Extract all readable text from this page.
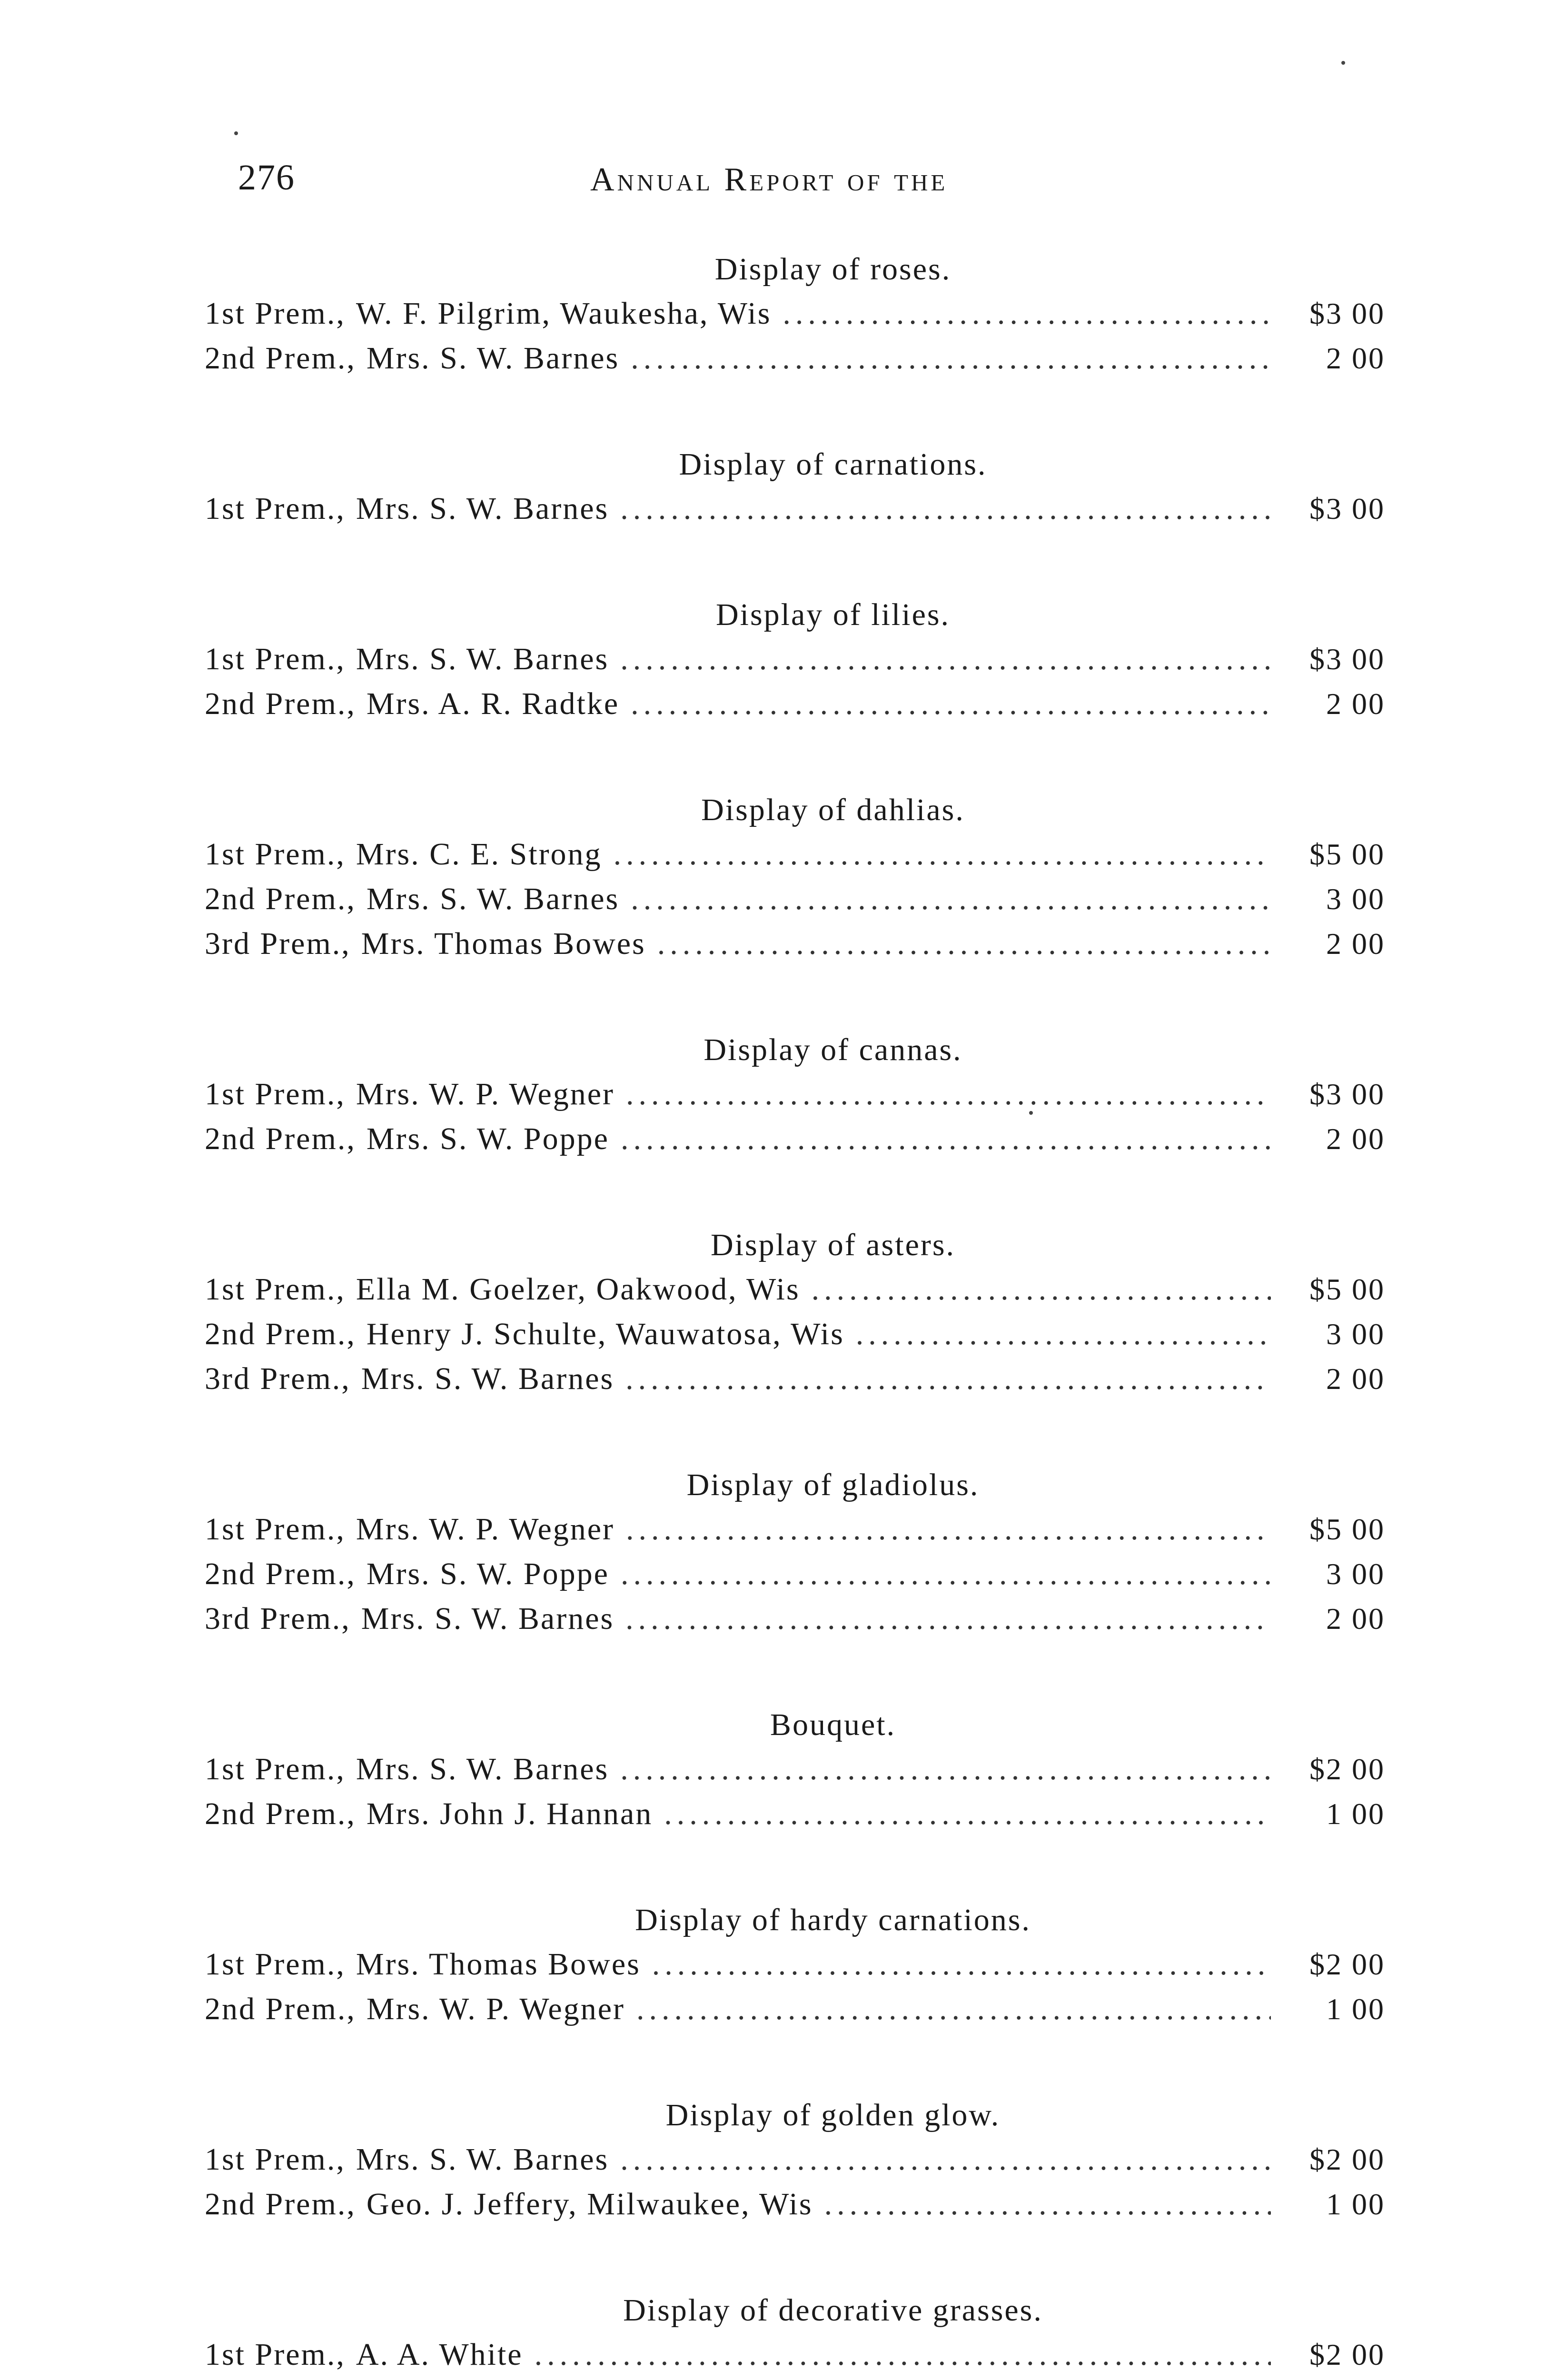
276	Annual Report of the
Display of roses.
1st Prem., W. F. Pilgrim, Waukesha, Wis .....	$3 00
2nd Prem., Mrs. S. W. Barnes .....	2 00
Display of carnations.
1st Prem., Mrs. S. W. Barnes .....	$3 00
Display of lilies.
1st Prem., Mrs. S. W. Barnes .....	$3 00
2nd Prem., Mrs. A. R. Radtke .....	2 00
Display of dahlias.
1st Prem., Mrs. C. E. Strong .....	$5 00
2nd Prem., Mrs. S. W. Barnes .....	3 00
3rd Prem., Mrs. Thomas Bowes .....	2 00
Display of cannas.
1st Prem., Mrs. W. P. Wegner .....	$3 00
2nd Prem., Mrs. S. W. Poppe .....	2 00
Display of asters.
1st Prem., Ella M. Goelzer, Oakwood, Wis .....	$5 00
2nd Prem., Henry J. Schulte, Wauwatosa, Wis .....	3 00
3rd Prem., Mrs. S. W. Barnes .....	2 00
Display of gladiolus.
1st Prem., Mrs. W. P. Wegner .....	$5 00
2nd Prem., Mrs. S. W. Poppe .....	3 00
3rd Prem., Mrs. S. W. Barnes .....	2 00
Bouquet.
1st Prem., Mrs. S. W. Barnes .....	$2 00
2nd Prem., Mrs. John J. Hannan .....	1 00
Display of hardy carnations.
1st Prem., Mrs. Thomas Bowes .....	$2 00
2nd Prem., Mrs. W. P. Wegner .....	1 00
Display of golden glow.
1st Prem., Mrs. S. W. Barnes .....	$2 00
2nd Prem., Geo. J. Jeffery, Milwaukee, Wis .....	1 00
Display of decorative grasses.
1st Prem., A. A. White .....	$2 00
.....
